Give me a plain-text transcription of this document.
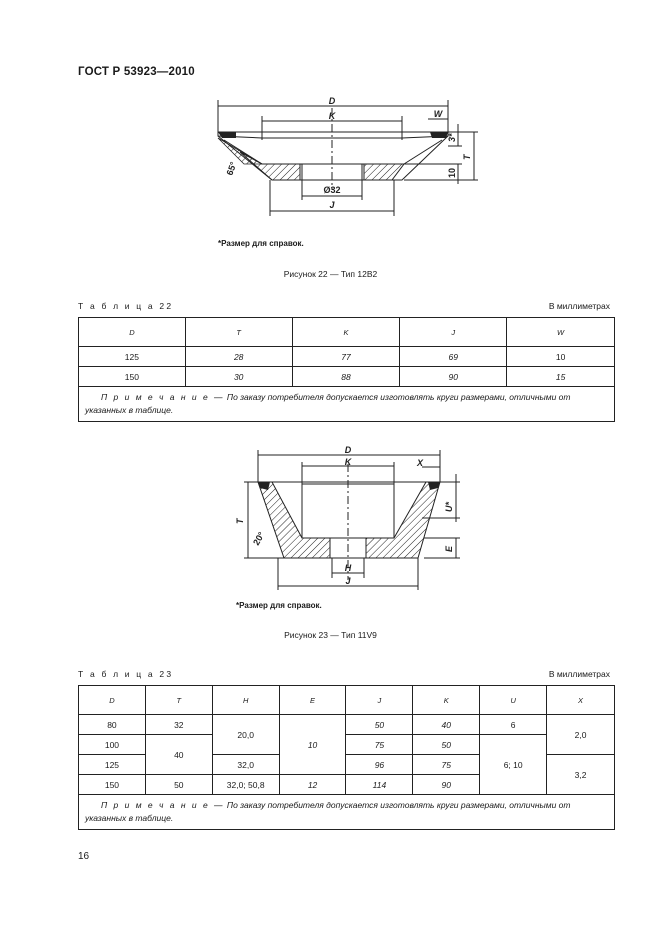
ГОСТ Р 53923—2010
D
K	W
Ø32
J
T
3*
10
65°
*Размер для справок.
Рисунок 22 — Тип 12В2
Т а б л и ц а 22	В миллиметрах
D	T	K	J	W
125	28	77	69	10
150	30	88	90	15
П р и м е ч а н и е — По заказу потребителя допускается изготовлять круги размерами, отличными от указанных в таблице.				
D
K	X
H
J
T
U*
E
20°
*Размер для справок.
Рисунок 23 — Тип 11V9
Т а б л и ц а 23	В миллиметрах
D	T	H	E	J	K	U	X
80	32	20,0	10	50	40	6	2,0
100	40			75	50	6; 10	
125		32,0		96	75		3,2
150	50	32,0; 50,8	12	114	90		
П р и м е ч а н и е — По заказу потребителя допускается изготовлять круги размерами, отличными от указанных в таблице.							
16
